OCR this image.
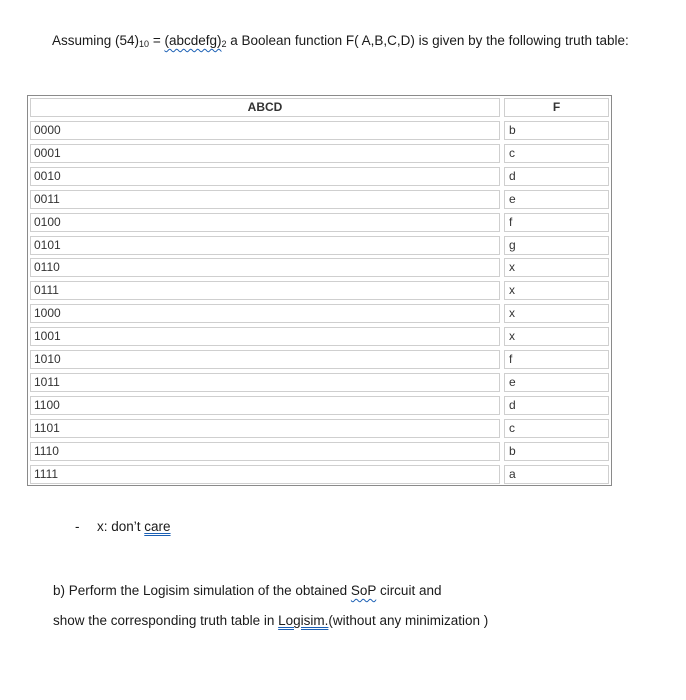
Assuming $(54)_{10}$ = $(abcdefg)_2$ a Boolean function F( A,B,C,D) is given by the following truth table:
ABCD	F
0000	b
0001	c
0010	d
0011	e
0100	f
0101	g
0110	x
0111	x
1000	x
1001	x
1010	f
1011	e
1100	d
1101	c
1110	b
1111	a
- x: don’t care
b) Perform the Logisim simulation of the obtained SoP circuit and
show the corresponding truth table in Logisim.(without any minimization )
